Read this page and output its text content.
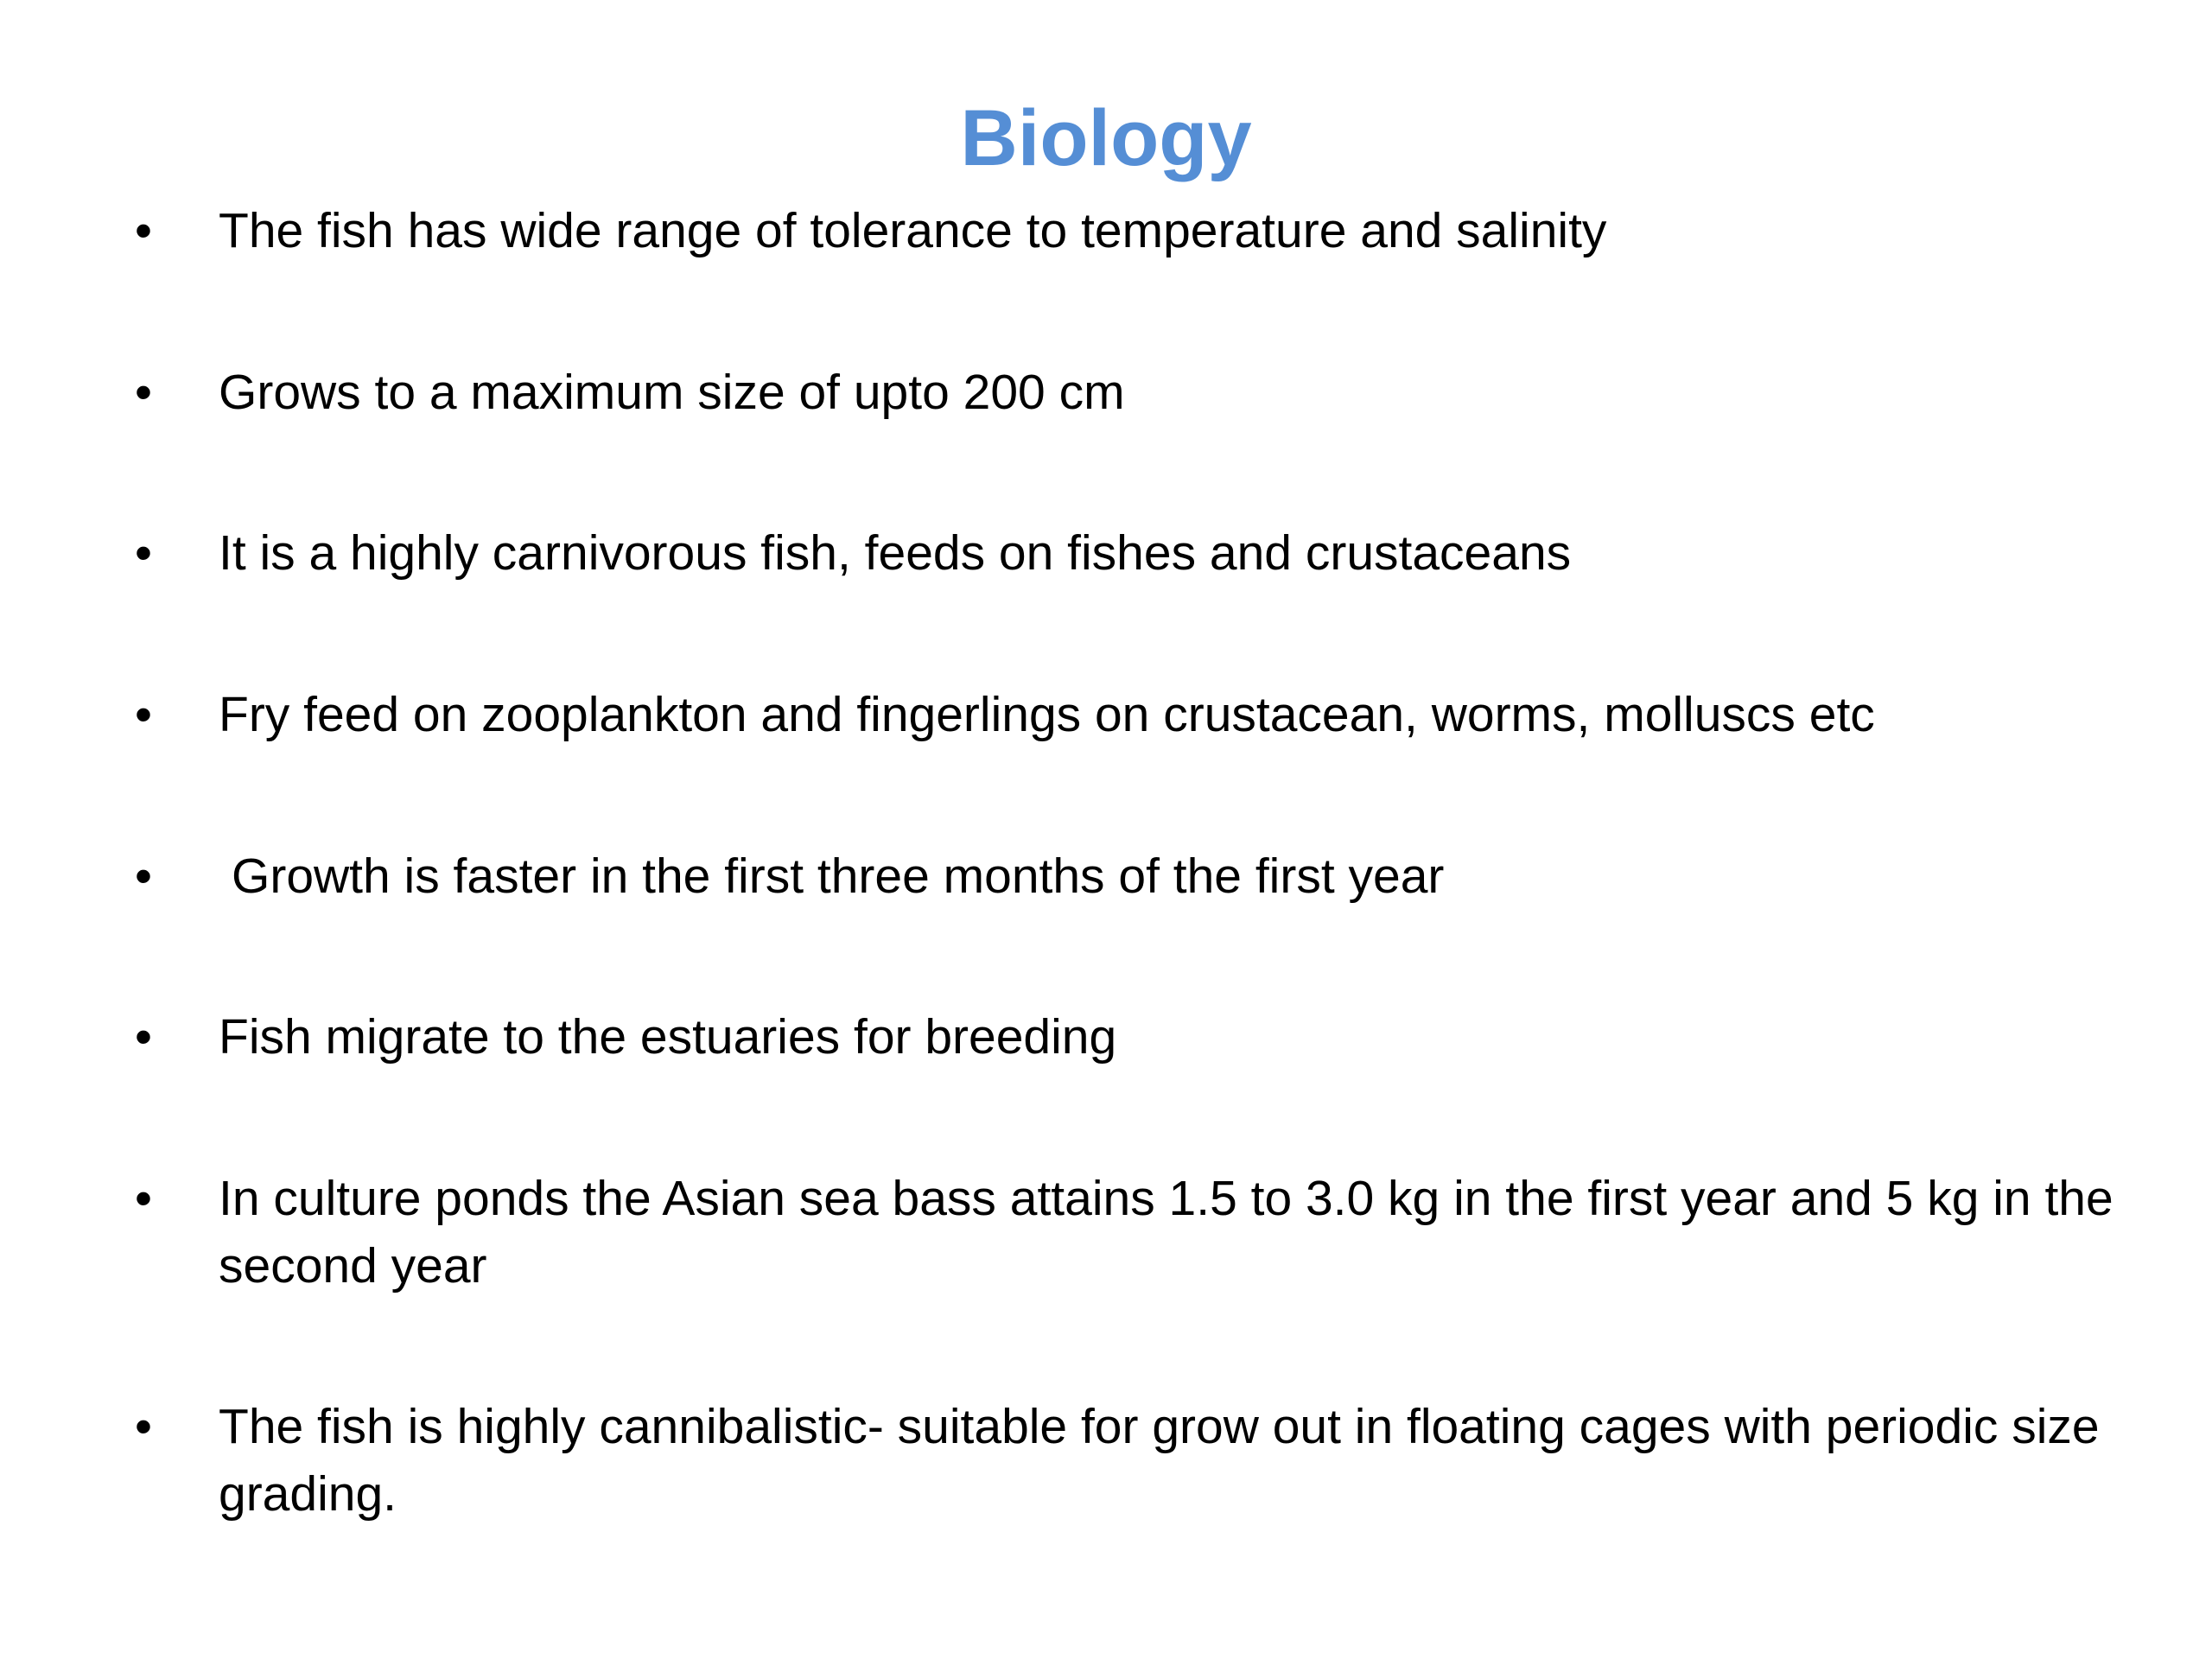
Biology
• The fish has wide range of tolerance to temperature and salinity
• Grows to a maximum size of upto 200 cm
• It is a highly carnivorous fish, feeds on fishes and crustaceans
• Fry feed on zooplankton and fingerlings on crustacean, worms, molluscs etc
• Growth is faster in the first three months of the first year
• Fish migrate to the estuaries for breeding
• In culture ponds the Asian sea bass attains 1.5 to 3.0 kg in the first year and 5 kg in the second year
• The fish is highly cannibalistic- suitable for grow out in floating cages with periodic size grading.
